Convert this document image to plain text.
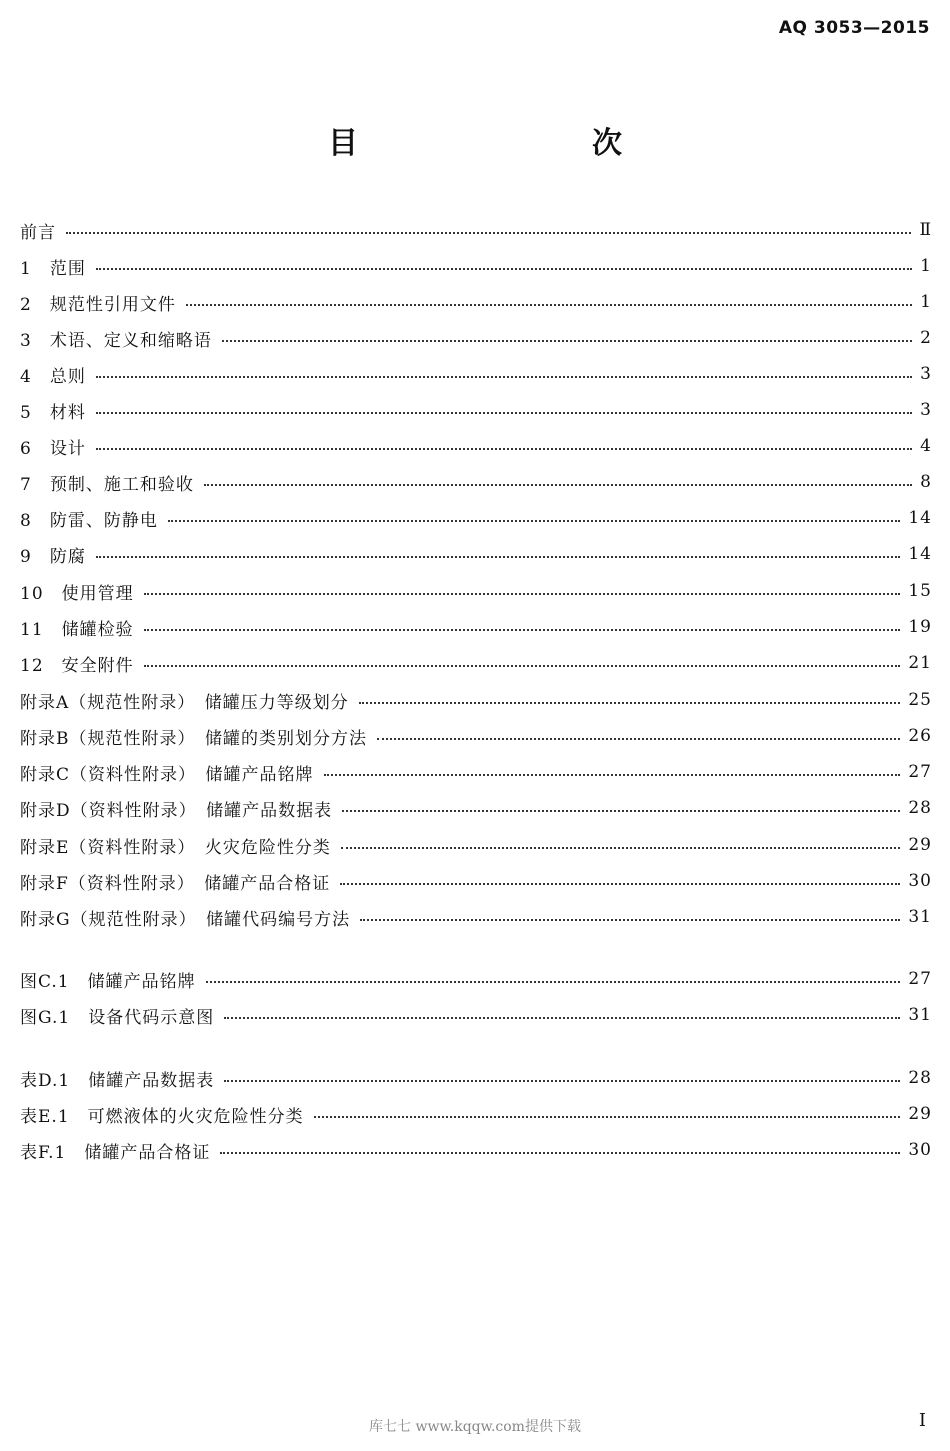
AQ 3053—2015
目　　次
前言	Ⅱ
1　范围	1
2　规范性引用文件	1
3　术语、定义和缩略语	2
4　总则	3
5　材料	3
6　设计	4
7　预制、施工和验收	8
8　防雷、防静电	14
9　防腐	14
10　使用管理	15
11　储罐检验	19
12　安全附件	21
附录A（规范性附录）　储罐压力等级划分	25
附录B（规范性附录）　储罐的类别划分方法	26
附录C（资料性附录）　储罐产品铭牌	27
附录D（资料性附录）　储罐产品数据表	28
附录E（资料性附录）　火灾危险性分类	29
附录F（资料性附录）　储罐产品合格证	30
附录G（规范性附录）　储罐代码编号方法	31
图C.1　储罐产品铭牌	27
图G.1　设备代码示意图	31
表D.1　储罐产品数据表	28
表E.1　可燃液体的火灾危险性分类	29
表F.1　储罐产品合格证	30
库七七 www.kqqw.com提供下载	I
